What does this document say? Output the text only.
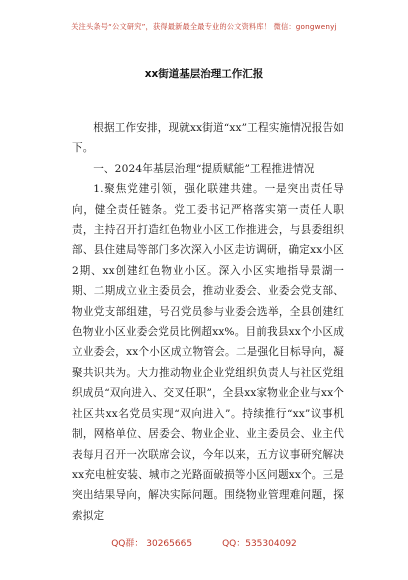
关注头条号“公文研究”，获得最新最全最专业的公文资料库！ 微信：gongwenyj
xx街道基层治理工作汇报

根据工作安排，现就xx街道“xx”工程实施情况报告如下。

一、2024年基层治理“提质赋能”工程推进情况

1.聚焦党建引领，强化联建共建。一是突出责任导向，健全责任链条。党工委书记严格落实第一责任人职责，主持召开打造红色物业小区工作推进会，与县委组织部、县住建局等部门多次深入小区走访调研，确定xx小区2期、xx创建红色物业小区。深入小区实地指导景湖一期、二期成立业主委员会，推动业委会、业委会党支部、物业党支部组建，号召党员参与业委会选举，全县创建红色物业小区业委会党员比例超xx%。目前我县xx个小区成立业委会，xx个小区成立物管会。二是强化目标导向，凝聚共识共为。大力推动物业企业党组织负责人与社区党组织成员“双向进入、交叉任职”，全县xx家物业企业与xx个社区共xx名党员实现“双向进入”。持续推行“xx”议事机制，网格单位、居委会、物业企业、业主委员会、业主代表每月召开一次联席会议，今年以来，五方议事研究解决xx充电桩安装、城市之光路面破损等小区问题xx个。三是突出结果导向，解决实际问题。围绕物业管理难问题，探索拟定

QQ群： 30265665	QQ：535304092
